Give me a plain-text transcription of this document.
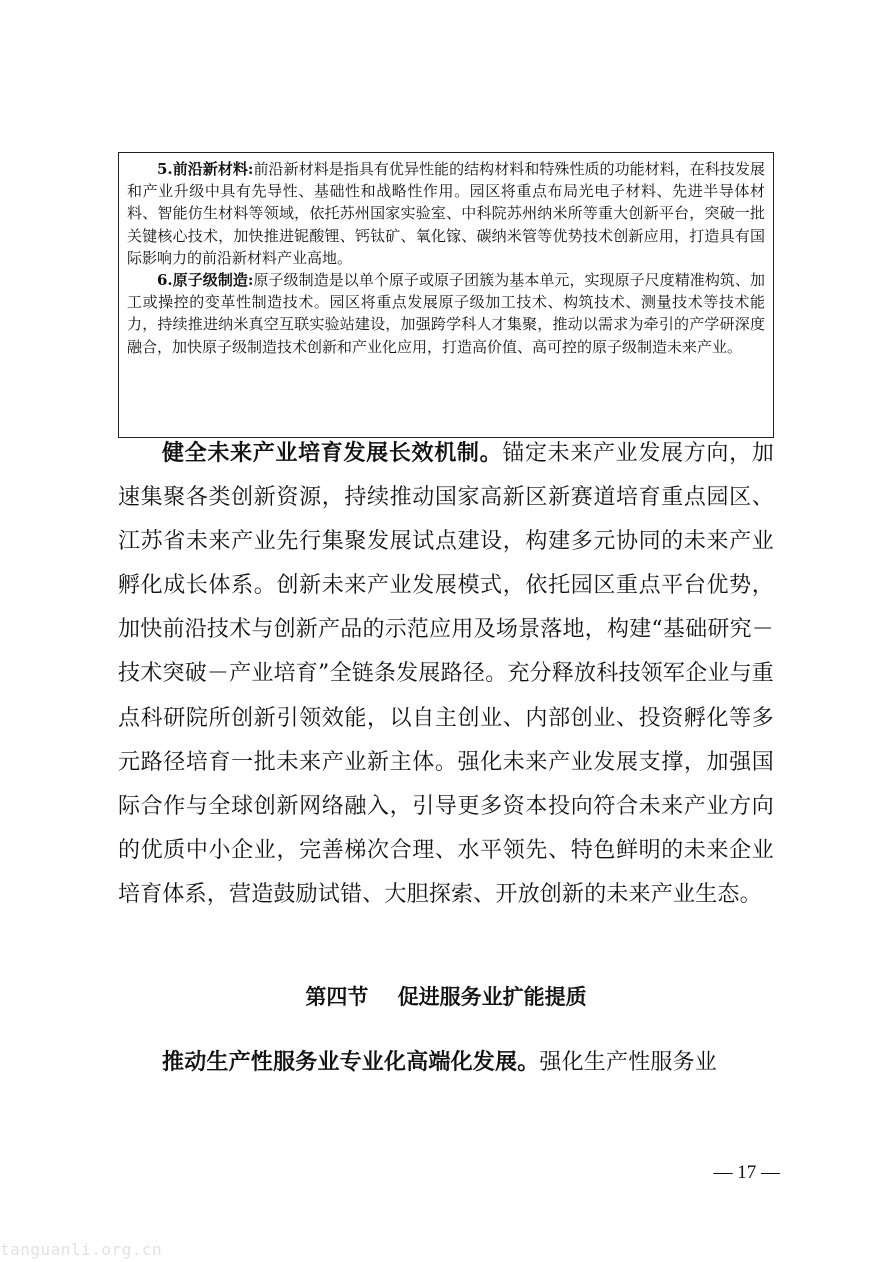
5.前沿新材料:前沿新材料是指具有优异性能的结构材料和特殊性质的功能材料，在科技发展和产业升级中具有先导性、基础性和战略性作用。园区将重点布局光电子材料、先进半导体材料、智能仿生材料等领域，依托苏州国家实验室、中科院苏州纳米所等重大创新平台，突破一批关键核心技术，加快推进铌酸锂、钙钛矿、氧化镓、碳纳米管等优势技术创新应用，打造具有国际影响力的前沿新材料产业高地。

6.原子级制造:原子级制造是以单个原子或原子团簇为基本单元，实现原子尺度精准构筑、加工或操控的变革性制造技术。园区将重点发展原子级加工技术、构筑技术、测量技术等技术能力，持续推进纳米真空互联实验站建设，加强跨学科人才集聚，推动以需求为牵引的产学研深度融合，加快原子级制造技术创新和产业化应用，打造高价值、高可控的原子级制造未来产业。

健全未来产业培育发展长效机制。锚定未来产业发展方向，加速集聚各类创新资源，持续推动国家高新区新赛道培育重点园区、江苏省未来产业先行集聚发展试点建设，构建多元协同的未来产业孵化成长体系。创新未来产业发展模式，依托园区重点平台优势，加快前沿技术与创新产品的示范应用及场景落地，构建“基础研究－技术突破－产业培育”全链条发展路径。充分释放科技领军企业与重点科研院所创新引领效能，以自主创业、内部创业、投资孵化等多元路径培育一批未来产业新主体。强化未来产业发展支撑，加强国际合作与全球创新网络融入，引导更多资本投向符合未来产业方向的优质中小企业，完善梯次合理、水平领先、特色鲜明的未来企业培育体系，营造鼓励试错、大胆探索、开放创新的未来产业生态。

第四节 促进服务业扩能提质

推动生产性服务业专业化高端化发展。强化生产性服务业

— 17 —
tanguanli.org.cn
